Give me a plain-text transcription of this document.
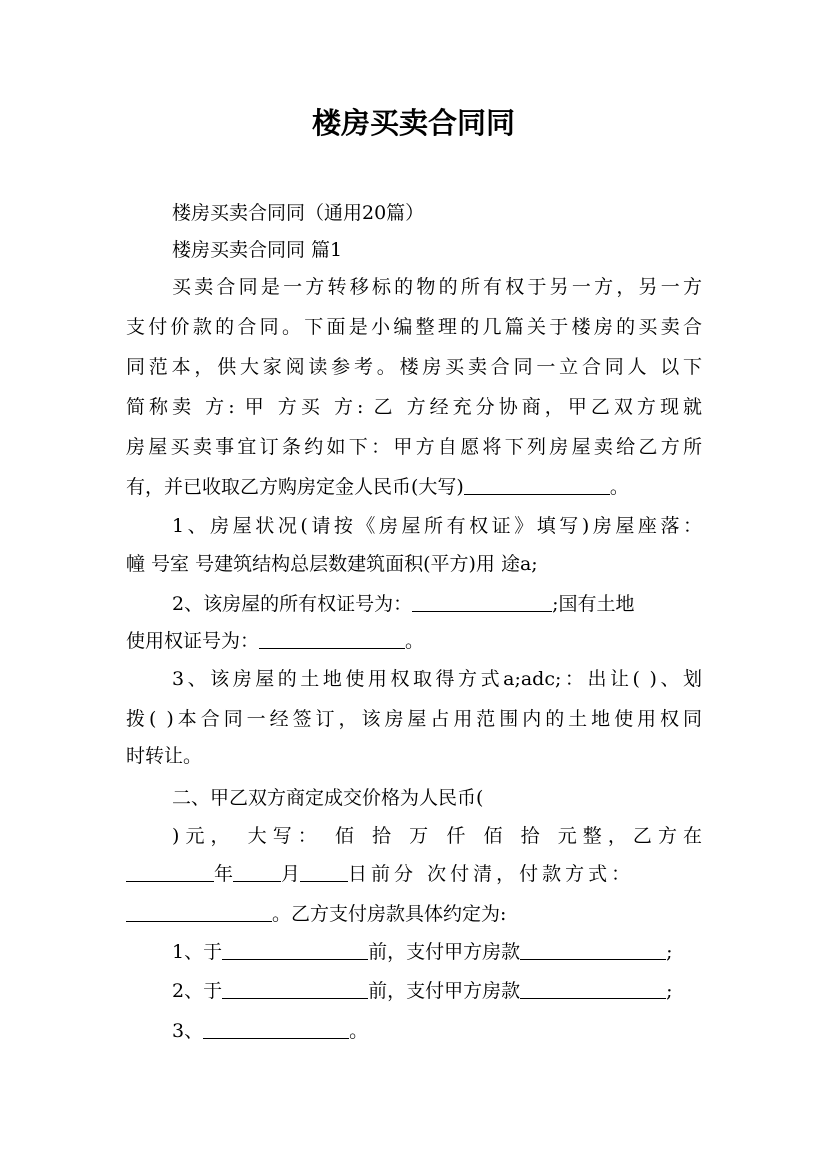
楼房买卖合同同
楼房买卖合同同（通用20篇）
楼房买卖合同同 篇1
买卖合同是一方转移标的物的所有权于另一方，另一方
支付价款的合同。下面是小编整理的几篇关于楼房的买卖合
同范本，供大家阅读参考。楼房买卖合同一立合同人 以下
简称卖 方: 甲 方买 方: 乙 方经充分协商，甲乙双方现就
房屋买卖事宜订条约如下：甲方自愿将下列房屋卖给乙方所
有，并已收取乙方购房定金人民币(大写)	。
1、房屋状况(请按《房屋所有权证》填写)房屋座落：
幢 号室 号建筑结构总层数建筑面积(平方)用 途a;
2、该房屋的所有权证号为：	;国有土地
使用权证号为：	。
3、该房屋的土地使用权取得方式a;adc;：出让( )、划
拨( )本合同一经签订，该房屋占用范围内的土地使用权同
时转让。
二、甲乙双方商定成交价格为人民币(
)元， 大写： 佰 拾 万 仟 佰 拾 元整，乙方在
年	月	日前分 次付清，付款方式：
。乙方支付房款具体约定为:
1、于	前，支付甲方房款	;
2、于	前，支付甲方房款	;
3、	。
